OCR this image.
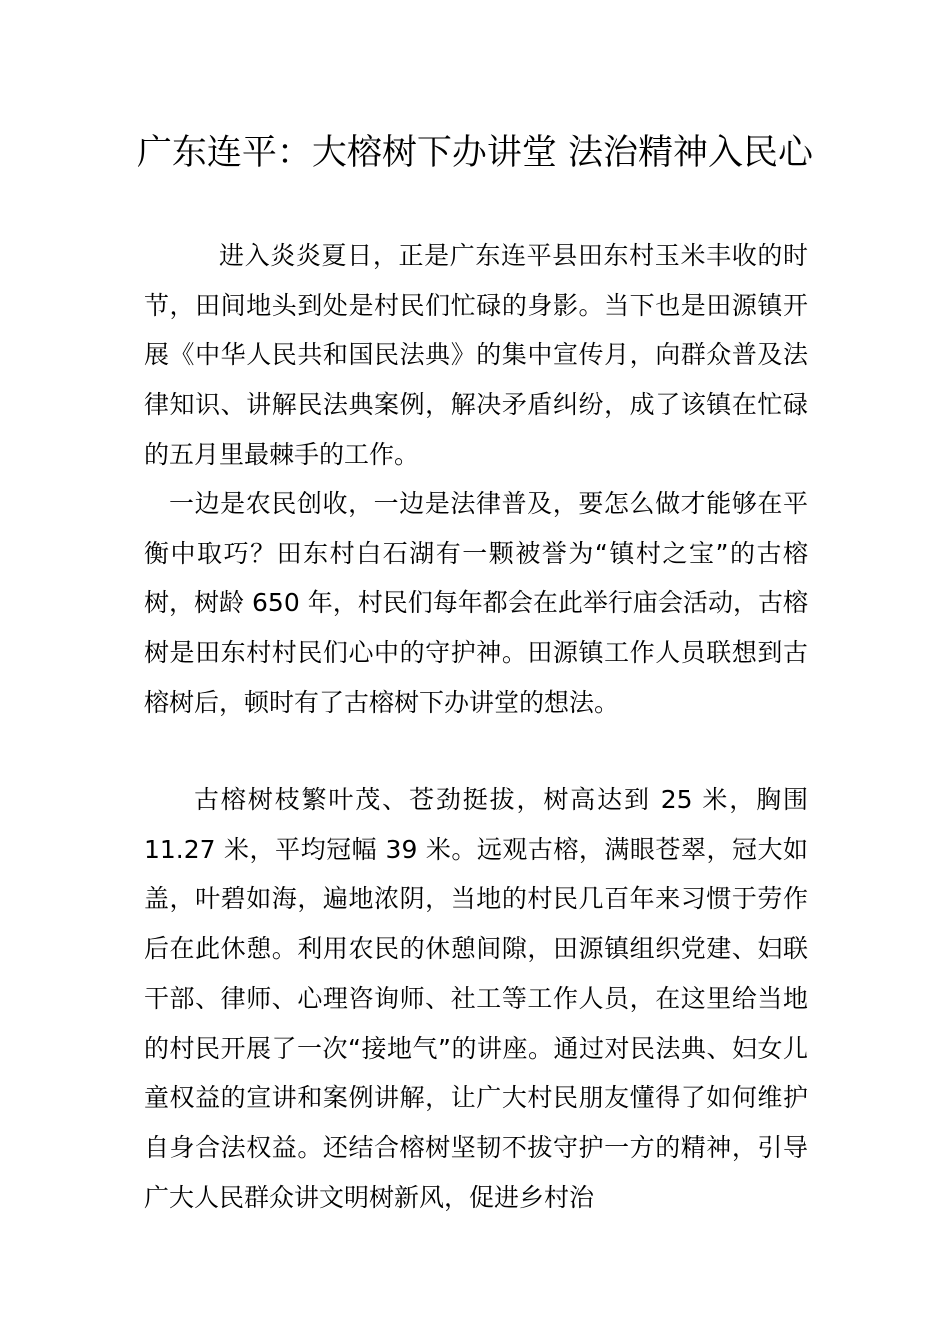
广东连平：大榕树下办讲堂 法治精神入民心

进入炎炎夏日，正是广东连平县田东村玉米丰收的时节，田间地头到处是村民们忙碌的身影。当下也是田源镇开展《中华人民共和国民法典》的集中宣传月，向群众普及法律知识、讲解民法典案例，解决矛盾纠纷，成了该镇在忙碌的五月里最棘手的工作。

一边是农民创收，一边是法律普及，要怎么做才能够在平衡中取巧？田东村白石湖有一颗被誉为“镇村之宝”的古榕树，树龄 650 年，村民们每年都会在此举行庙会活动，古榕树是田东村村民们心中的守护神。田源镇工作人员联想到古榕树后，顿时有了古榕树下办讲堂的想法。

古榕树枝繁叶茂、苍劲挺拔，树高达到 25 米，胸围 11.27 米，平均冠幅 39 米。远观古榕，满眼苍翠，冠大如盖，叶碧如海，遍地浓阴，当地的村民几百年来习惯于劳作后在此休憩。利用农民的休憩间隙，田源镇组织党建、妇联干部、律师、心理咨询师、社工等工作人员，在这里给当地的村民开展了一次“接地气”的讲座。通过对民法典、妇女儿童权益的宣讲和案例讲解，让广大村民朋友懂得了如何维护自身合法权益。还结合榕树坚韧不拔守护一方的精神，引导广大人民群众讲文明树新风，促进乡村治
